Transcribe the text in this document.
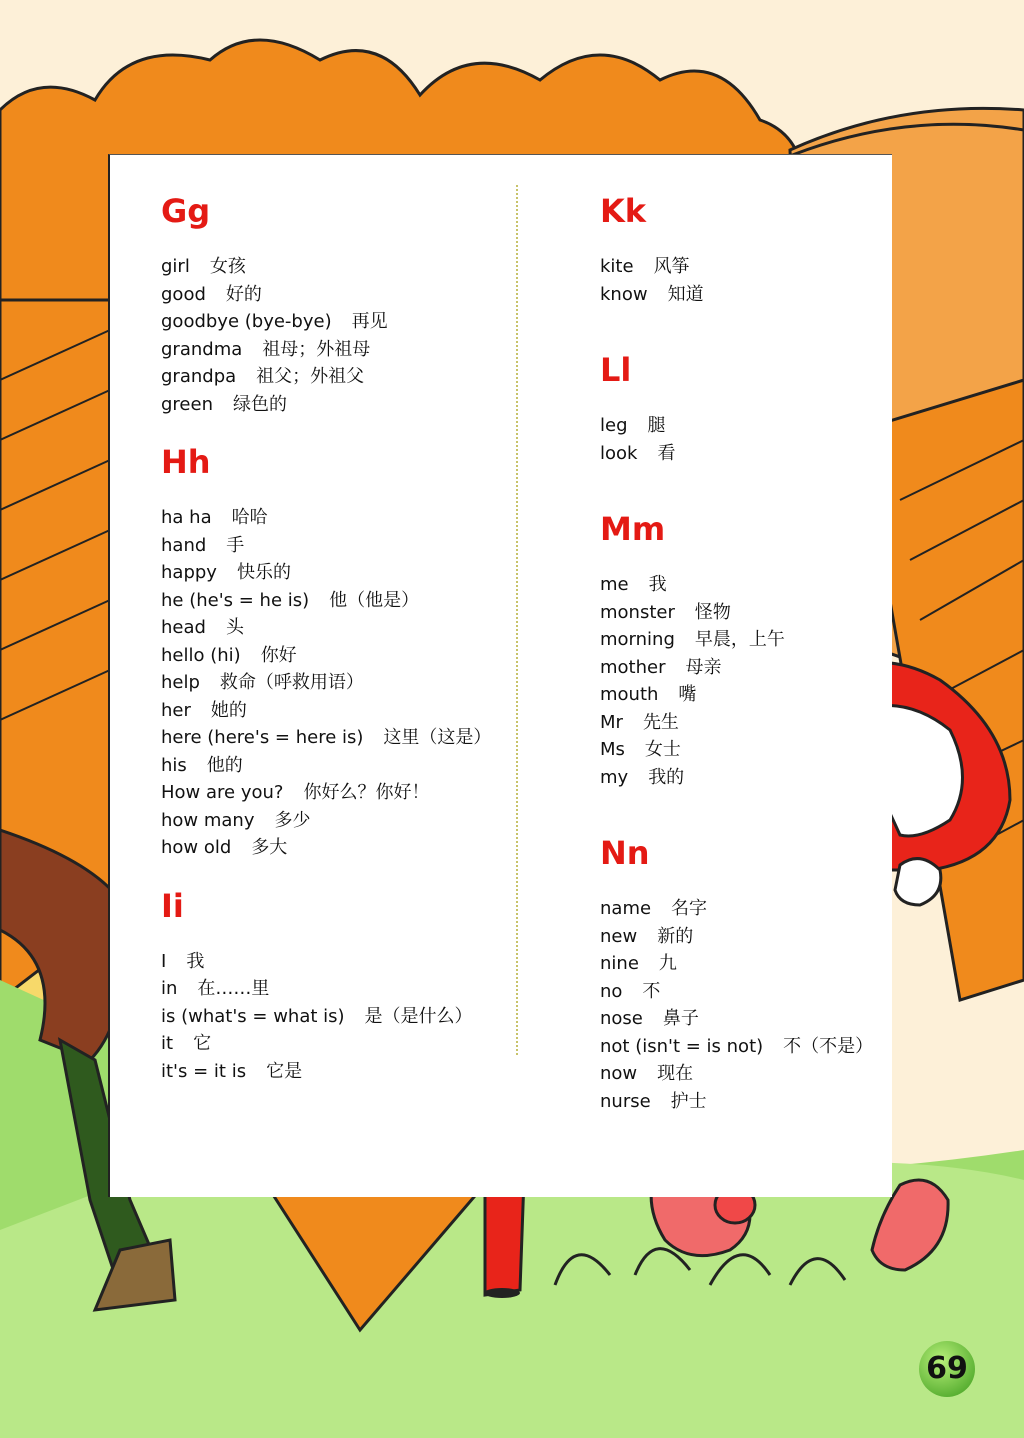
Gg
girl 女孩
good 好的
goodbye (bye-bye) 再见
grandma 祖母；外祖母
grandpa 祖父；外祖父
green 绿色的
Hh
ha ha 哈哈
hand 手
happy 快乐的
he (he's = he is) 他（他是）
head 头
hello (hi) 你好
help 救命（呼救用语）
her 她的
here (here's = here is) 这里（这是）
his 他的
How are you? 你好么？你好！
how many 多少
how old 多大
Ii
I 我
in 在……里
is (what's = what is) 是（是什么）
it 它
it's = it is 它是
Kk
kite 风筝
know 知道
Ll
leg 腿
look 看
Mm
me 我
monster 怪物
morning 早晨，上午
mother 母亲
mouth 嘴
Mr 先生
Ms 女士
my 我的
Nn
name 名字
new 新的
nine 九
no 不
nose 鼻子
not (isn't = is not) 不（不是）
now 现在
nurse 护士
69
